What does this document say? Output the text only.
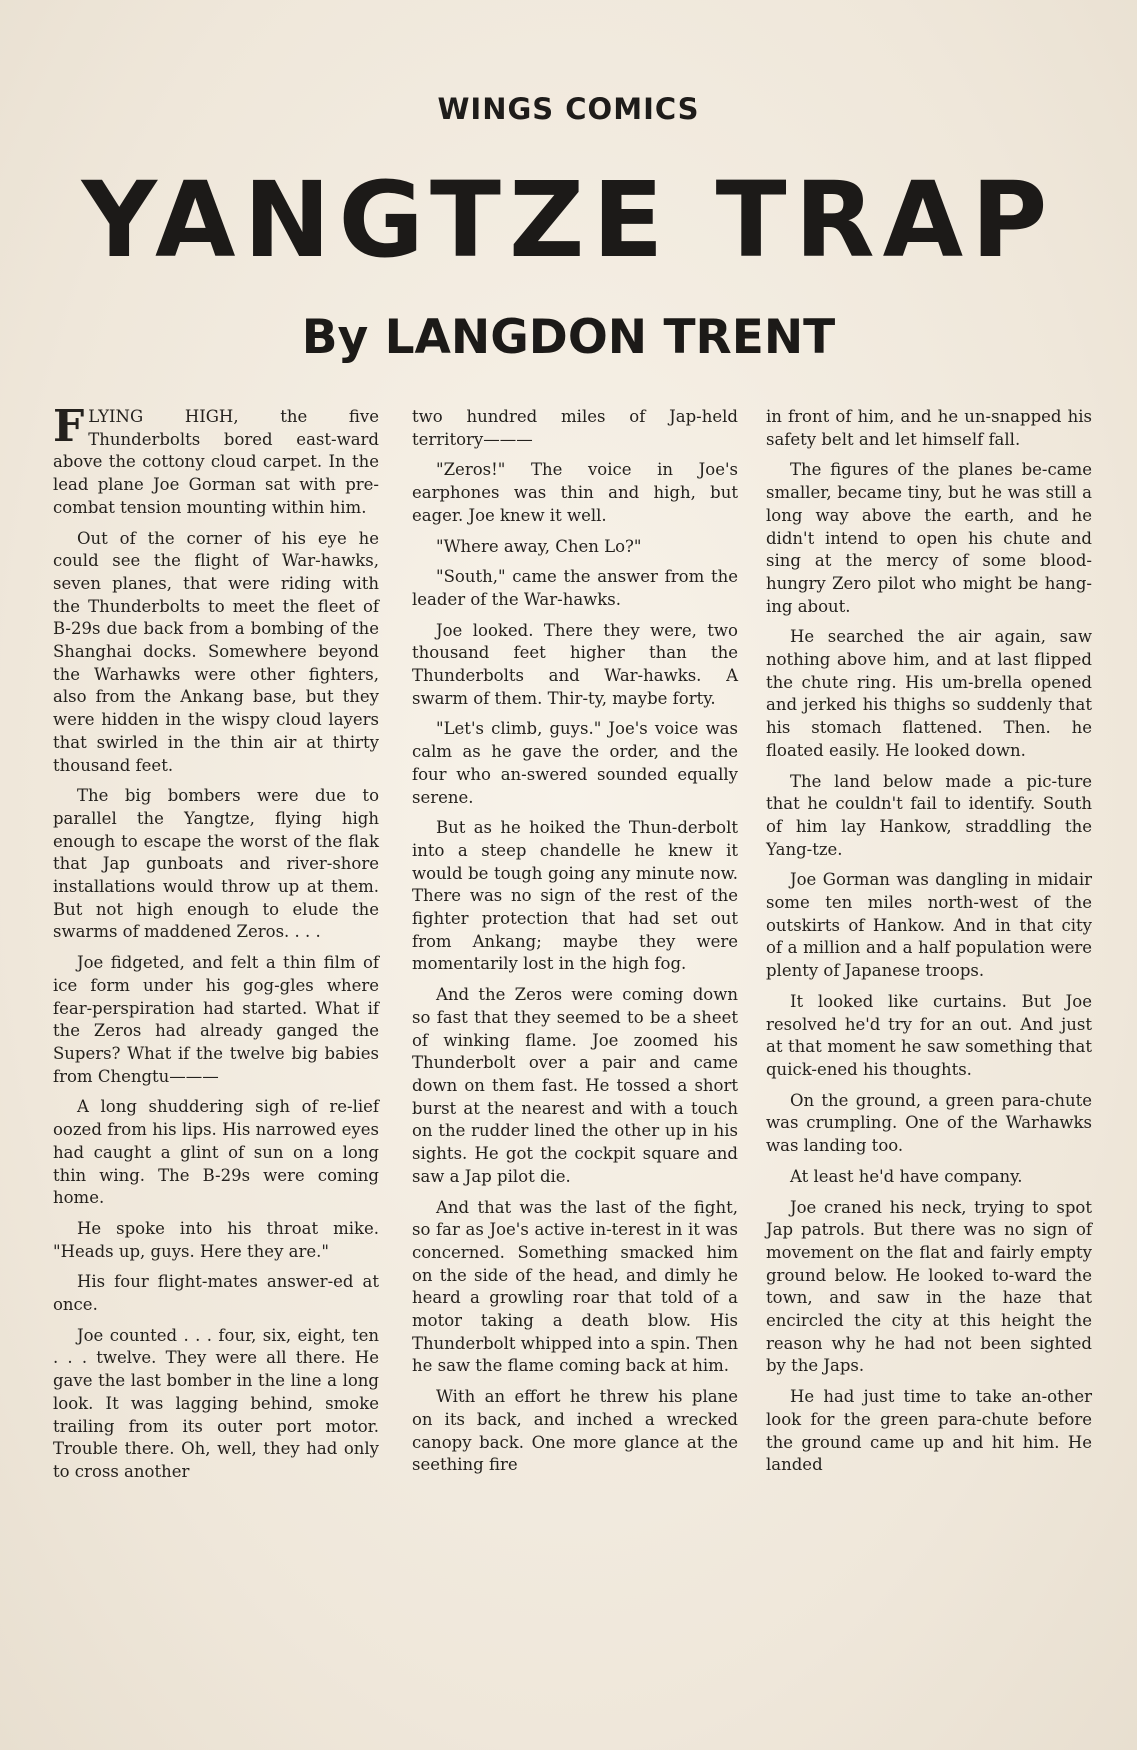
WINGS COMICS
YANGTZE TRAP
By LANGDON TRENT

FLYING HIGH, the five Thunderbolts bored east-ward above the cottony cloud carpet. In the lead plane Joe Gorman sat with pre-combat tension mounting within him.

Out of the corner of his eye he could see the flight of War-hawks, seven planes, that were riding with the Thunderbolts to meet the fleet of B-29s due back from a bombing of the Shanghai docks. Somewhere beyond the Warhawks were other fighters, also from the Ankang base, but they were hidden in the wispy cloud layers that swirled in the thin air at thirty thousand feet.

The big bombers were due to parallel the Yangtze, flying high enough to escape the worst of the flak that Jap gunboats and river-shore installations would throw up at them. But not high enough to elude the swarms of maddened Zeros. . . .

Joe fidgeted, and felt a thin film of ice form under his gog-gles where fear-perspiration had started. What if the Zeros had already ganged the Supers? What if the twelve big babies from Chengtu———

A long shuddering sigh of re-lief oozed from his lips. His narrowed eyes had caught a glint of sun on a long thin wing. The B-29s were coming home.

He spoke into his throat mike. "Heads up, guys. Here they are."

His four flight-mates answer-ed at once.

Joe counted . . . four, six, eight, ten . . . twelve. They were all there. He gave the last bomber in the line a long look. It was lagging behind, smoke trailing from its outer port motor. Trouble there. Oh, well, they had only to cross another

two hundred miles of Jap-held territory———

"Zeros!" The voice in Joe's earphones was thin and high, but eager. Joe knew it well.

"Where away, Chen Lo?"

"South," came the answer from the leader of the War-hawks.

Joe looked. There they were, two thousand feet higher than the Thunderbolts and War-hawks. A swarm of them. Thir-ty, maybe forty.

"Let's climb, guys." Joe's voice was calm as he gave the order, and the four who an-swered sounded equally serene.

But as he hoiked the Thun-derbolt into a steep chandelle he knew it would be tough going any minute now. There was no sign of the rest of the fighter protection that had set out from Ankang; maybe they were momentarily lost in the high fog.

And the Zeros were coming down so fast that they seemed to be a sheet of winking flame. Joe zoomed his Thunderbolt over a pair and came down on them fast. He tossed a short burst at the nearest and with a touch on the rudder lined the other up in his sights. He got the cockpit square and saw a Jap pilot die.

And that was the last of the fight, so far as Joe's active in-terest in it was concerned. Something smacked him on the side of the head, and dimly he heard a growling roar that told of a motor taking a death blow. His Thunderbolt whipped into a spin. Then he saw the flame coming back at him.

With an effort he threw his plane on its back, and inched a wrecked canopy back. One more glance at the seething fire

in front of him, and he un-snapped his safety belt and let himself fall.

The figures of the planes be-came smaller, became tiny, but he was still a long way above the earth, and he didn't intend to open his chute and sing at the mercy of some blood-hungry Zero pilot who might be hang-ing about.

He searched the air again, saw nothing above him, and at last flipped the chute ring. His um-brella opened and jerked his thighs so suddenly that his stomach flattened. Then. he floated easily. He looked down.

The land below made a pic-ture that he couldn't fail to identify. South of him lay Hankow, straddling the Yang-tze.

Joe Gorman was dangling in midair some ten miles north-west of the outskirts of Hankow. And in that city of a million and a half population were plenty of Japanese troops.

It looked like curtains. But Joe resolved he'd try for an out. And just at that moment he saw something that quick-ened his thoughts.

On the ground, a green para-chute was crumpling. One of the Warhawks was landing too.

At least he'd have company.

Joe craned his neck, trying to spot Jap patrols. But there was no sign of movement on the flat and fairly empty ground below. He looked to-ward the town, and saw in the haze that encircled the city at this height the reason why he had not been sighted by the Japs.

He had just time to take an-other look for the green para-chute before the ground came up and hit him. He landed
